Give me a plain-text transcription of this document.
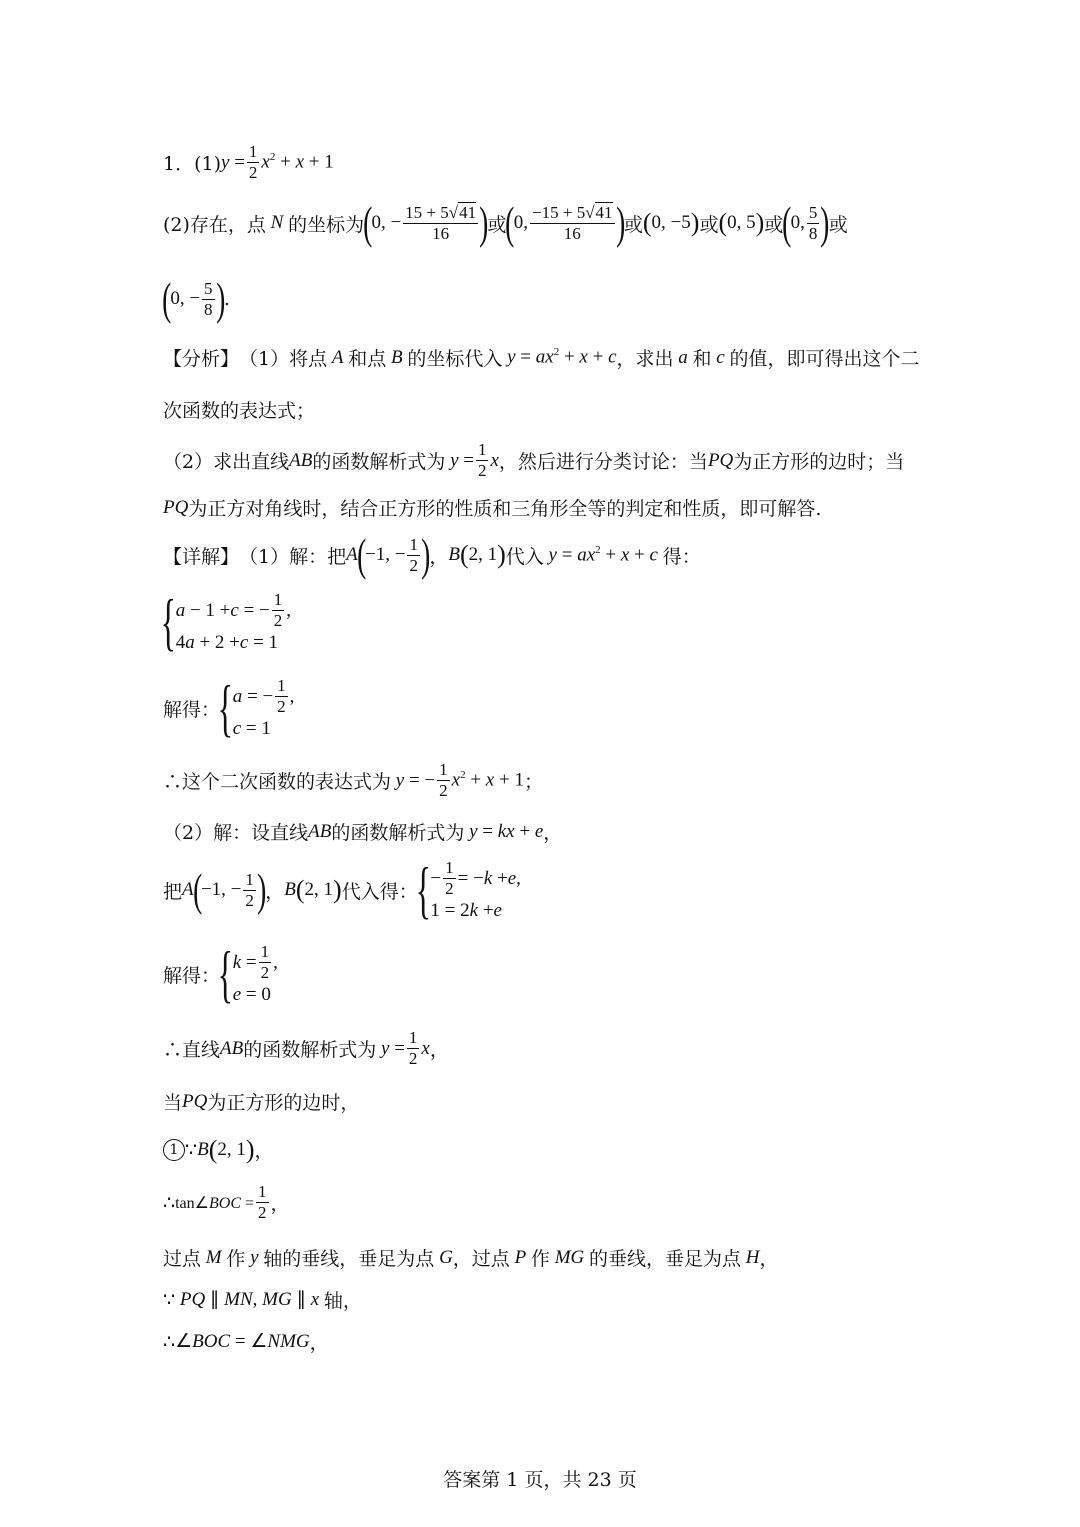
1．(1) $y = \frac{1}{2} x^2 + x + 1$
(2)存在，点 N 的坐标为 ( 0, − $\frac{15 + 5√41}{16}$ ) 或 ( 0, $\frac{-15 + 5√41}{16}$ ) 或 ( 0, −5 ) 或 ( 0, 5 ) 或 ( 0, $\frac{5}{8}$ ) 或
( 0, − $\frac{5}{8}$ ) .
【分析】 （1）将点 A 和点 B 的坐标代入 $y = ax^2 + x + c$ ，求出 a 和 c 的值，即可得出这个二
次函数的表达式；
（2）求出直线 AB 的函数解析式为 $y = \frac{1}{2}$ x ，然后进行分类讨论：当 PQ 为正方形的边时；当
PQ 为正方对角线时，结合正方形的性质和三角形全等的判定和性质，即可解答.
【详解】 （1）解：把 A ( −1, − $\frac{1}{2}$ ) ， B ( 2, 1 ) 代入 $y = ax^2 + x + c$ 得：
{ a − 1 + c = − $\frac{1}{2}$ ,
4 a + 2 + c = 1
解得：
{ a = − $\frac{1}{2}$ ,
c = 1
∴这个二次函数的表达式为 y = − $\frac{1}{2} x^2 + x + 1$ ；
（2）解：设直线 AB 的函数解析式为 y = kx + e ，
把 A ( −1, − $\frac{1}{2}$ ) ， B ( 2, 1 ) 代入得：
{ − $\frac{1}{2}$ = − k + e ,
1 = 2 k + e
解得：
{ $k = \frac{1}{2}$ ,
e = 0
∴直线 AB 的函数解析式为 $y = \frac{1}{2}$ x ，
当 PQ 为正方形的边时，
1 ∵ B ( 2, 1 ) ，
∴ tan∠BOC = $\frac{1}{2}$ ，
过点 M 作 y 轴的垂线，垂足为点 G ，过点 P 作 MG 的垂线，垂足为点 H ，
∵ PQ ∥ MN, MG ∥ x 轴，
∴ ∠BOC = ∠NMG ，
答案第 1 页，共 23 页
